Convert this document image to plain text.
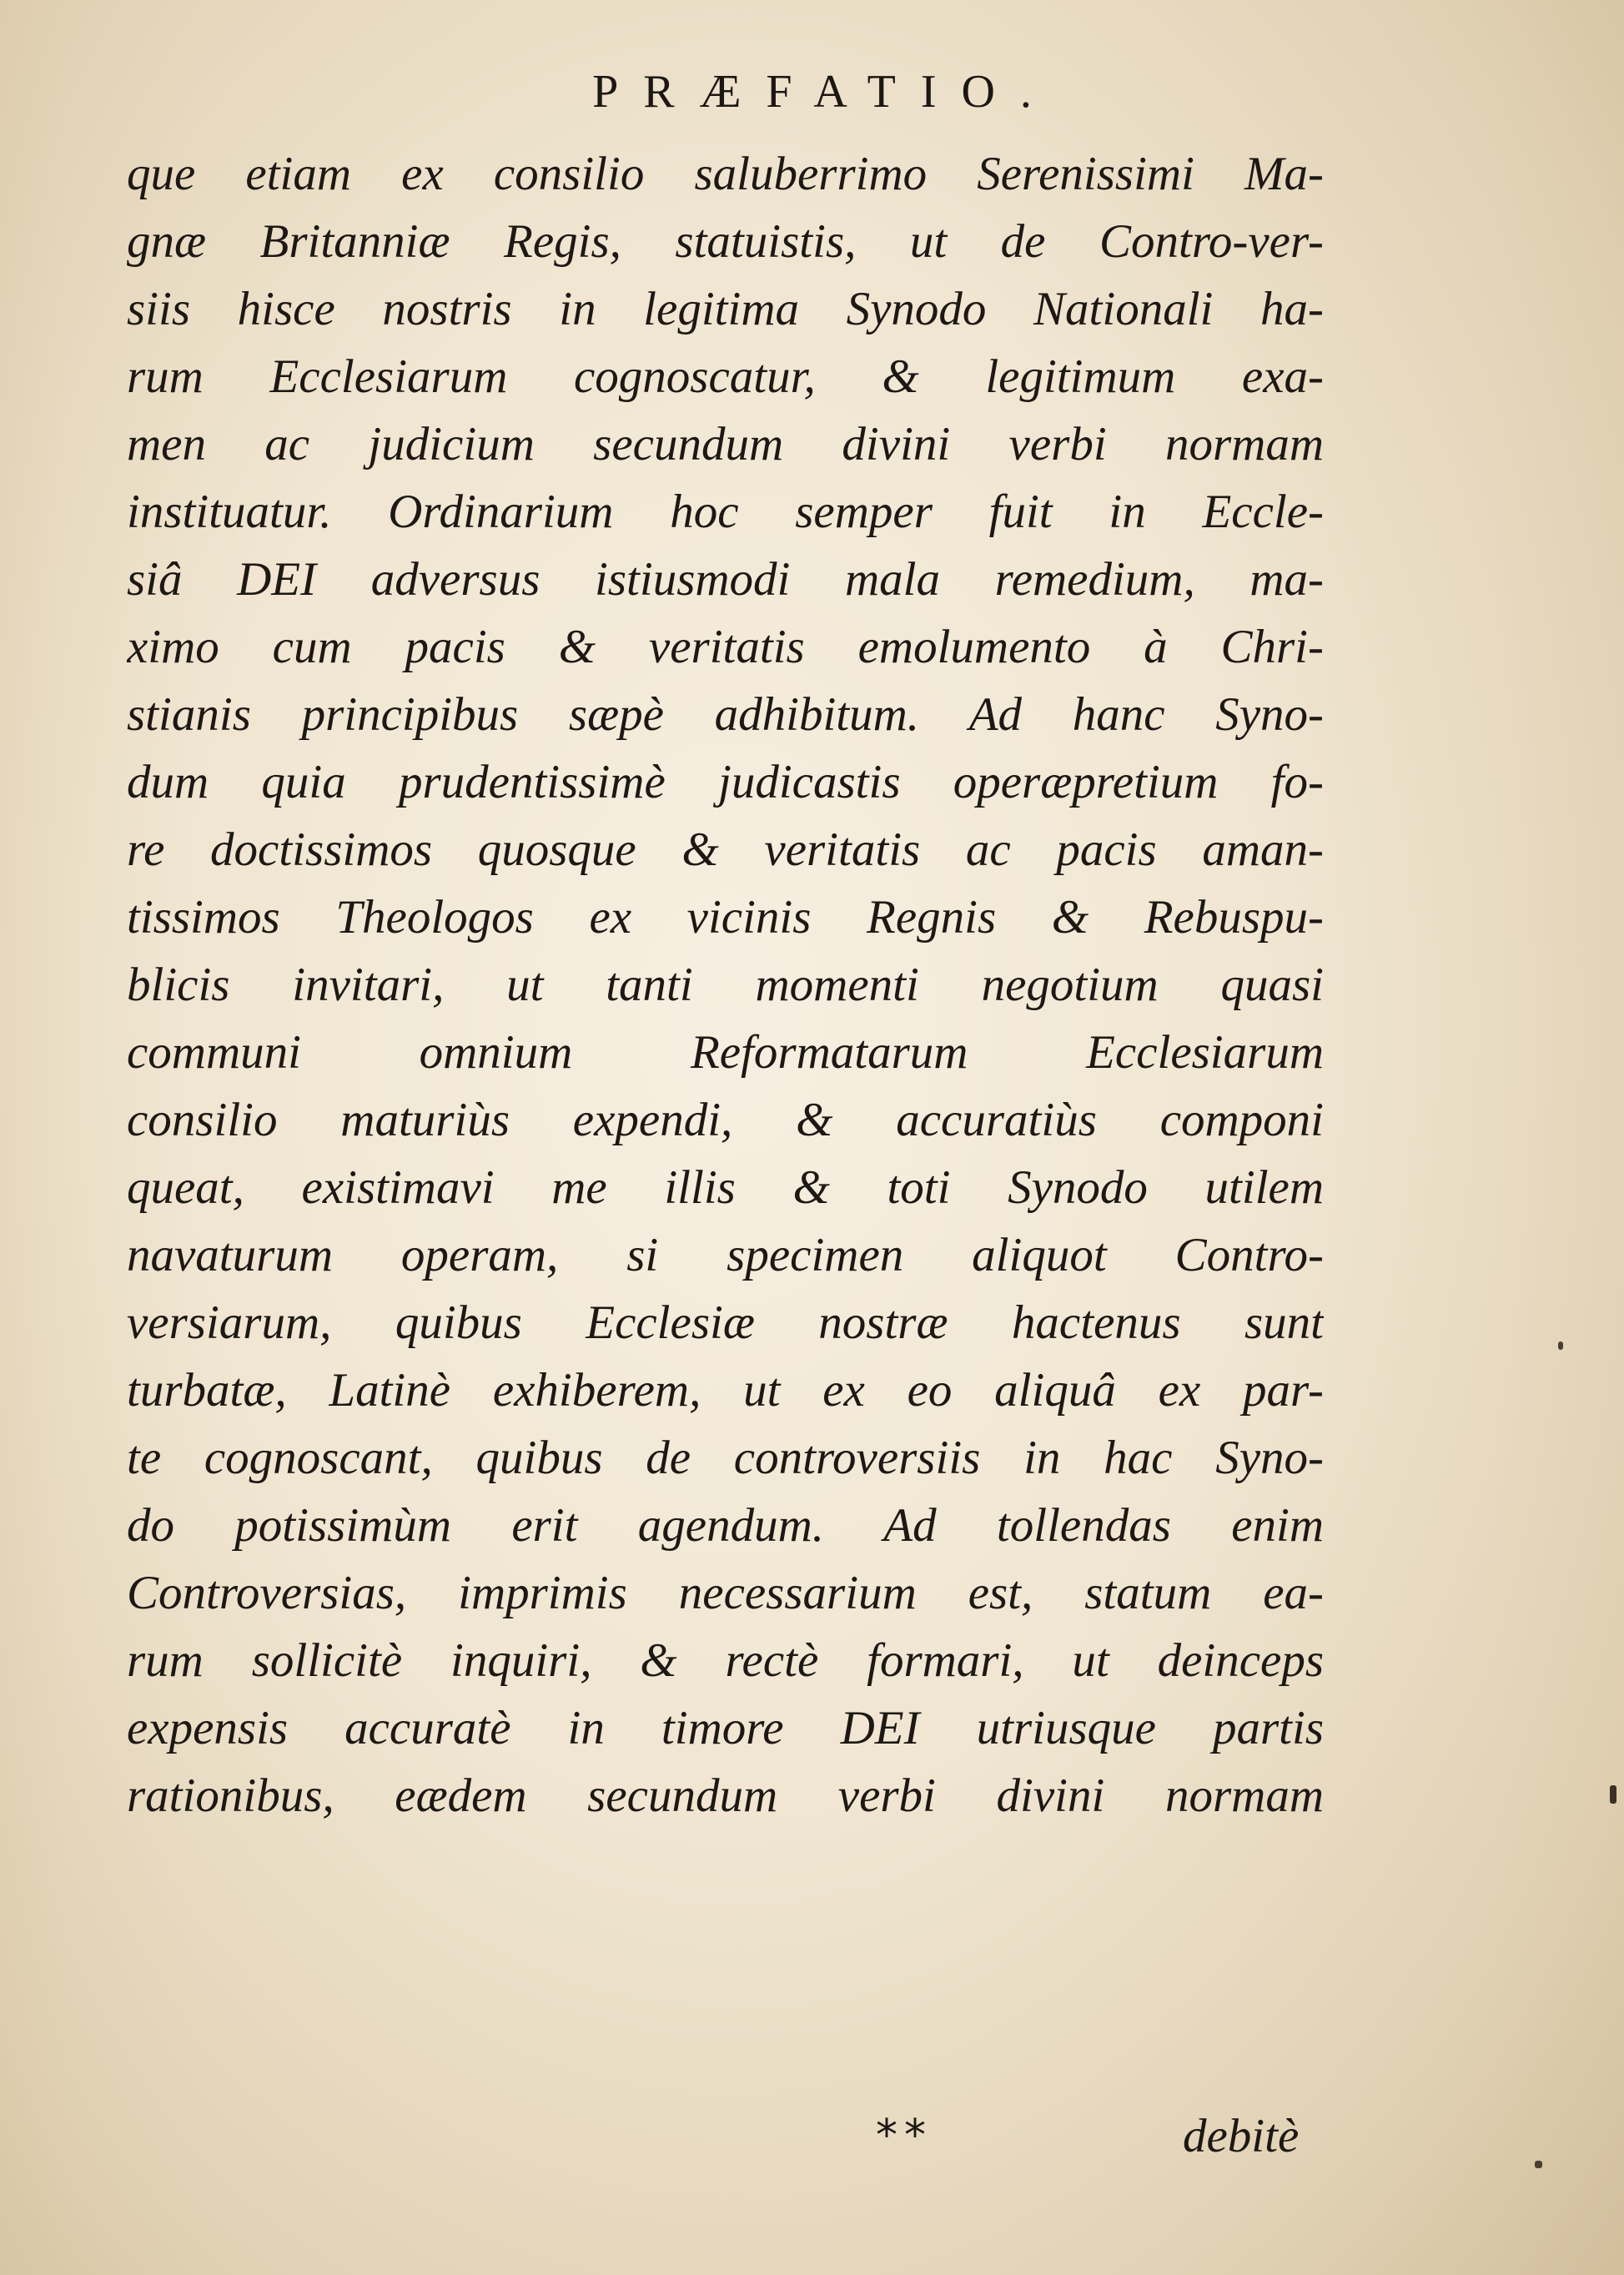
PRÆFATIO.
que etiam ex consilio saluberrimo Serenissimi Ma-
gnæ Britanniæ Regis, statuistis, ut de Contro-ver-
siis hisce nostris in legitima Synodo Nationali ha-
rum Ecclesiarum cognoscatur, & legitimum exa-
men ac judicium secundum divini verbi normam
instituatur. Ordinarium hoc semper fuit in Eccle-
siâ DEI adversus istiusmodi mala remedium, ma-
ximo cum pacis & veritatis emolumento à Chri-
stianis principibus sæpè adhibitum. Ad hanc Syno-
dum quia prudentissimè judicastis operæpretium fo-
re doctissimos quosque & veritatis ac pacis aman-
tissimos Theologos ex vicinis Regnis & Rebuspu-
blicis invitari, ut tanti momenti negotium quasi
communi omnium Reformatarum Ecclesiarum
consilio maturiùs expendi, & accuratiùs componi
queat, existimavi me illis & toti Synodo utilem
navaturum operam, si specimen aliquot Contro-
versiarum, quibus Ecclesiæ nostræ hactenus sunt
turbatæ, Latinè exhiberem, ut ex eo aliquâ ex par-
te cognoscant, quibus de controversiis in hac Syno-
do potissimùm erit agendum. Ad tollendas enim
Controversias, imprimis necessarium est, statum ea-
rum sollicitè inquiri, & rectè formari, ut deinceps
expensis accuratè in timore DEI utriusque partis
rationibus, eædem secundum verbi divini normam
**	debitè
